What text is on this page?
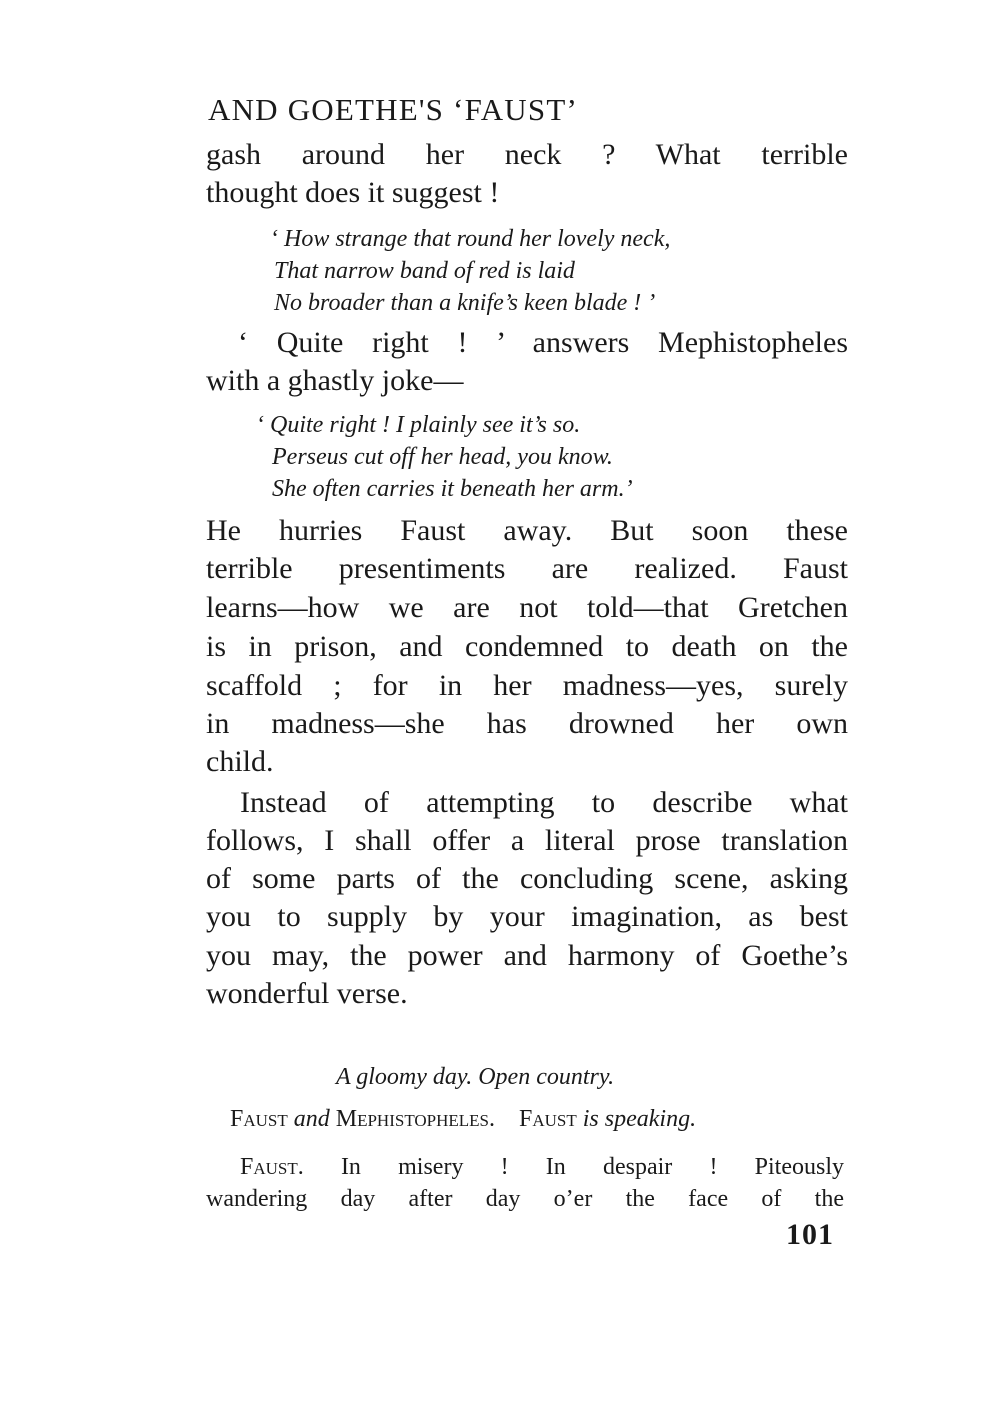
AND GOETHE'S ‘FAUST’
gash around her neck ? What terrible
thought does it suggest !
‘ How strange that round her lovely neck,
That narrow band of red is laid
No broader than a knife’s keen blade ! ’
‘ Quite right ! ’ answers Mephistopheles
with a ghastly joke—
‘ Quite right ! I plainly see it’s so.
Perseus cut off her head, you know.
She often carries it beneath her arm.’
He hurries Faust away. But soon these
terrible presentiments are realized. Faust
learns—how we are not told—that Gretchen
is in prison, and condemned to death on the
scaffold ; for in her madness—yes, surely
in madness—she has drowned her own
child.
Instead of attempting to describe what
follows, I shall offer a literal prose translation
of some parts of the concluding scene, asking
you to supply by your imagination, as best
you may, the power and harmony of Goethe’s
wonderful verse.
A gloomy day. Open country.
Faust and Mephistopheles. Faust is speaking.
Faust. In misery ! In despair ! Piteously
wandering day after day o’er the face of the
101
